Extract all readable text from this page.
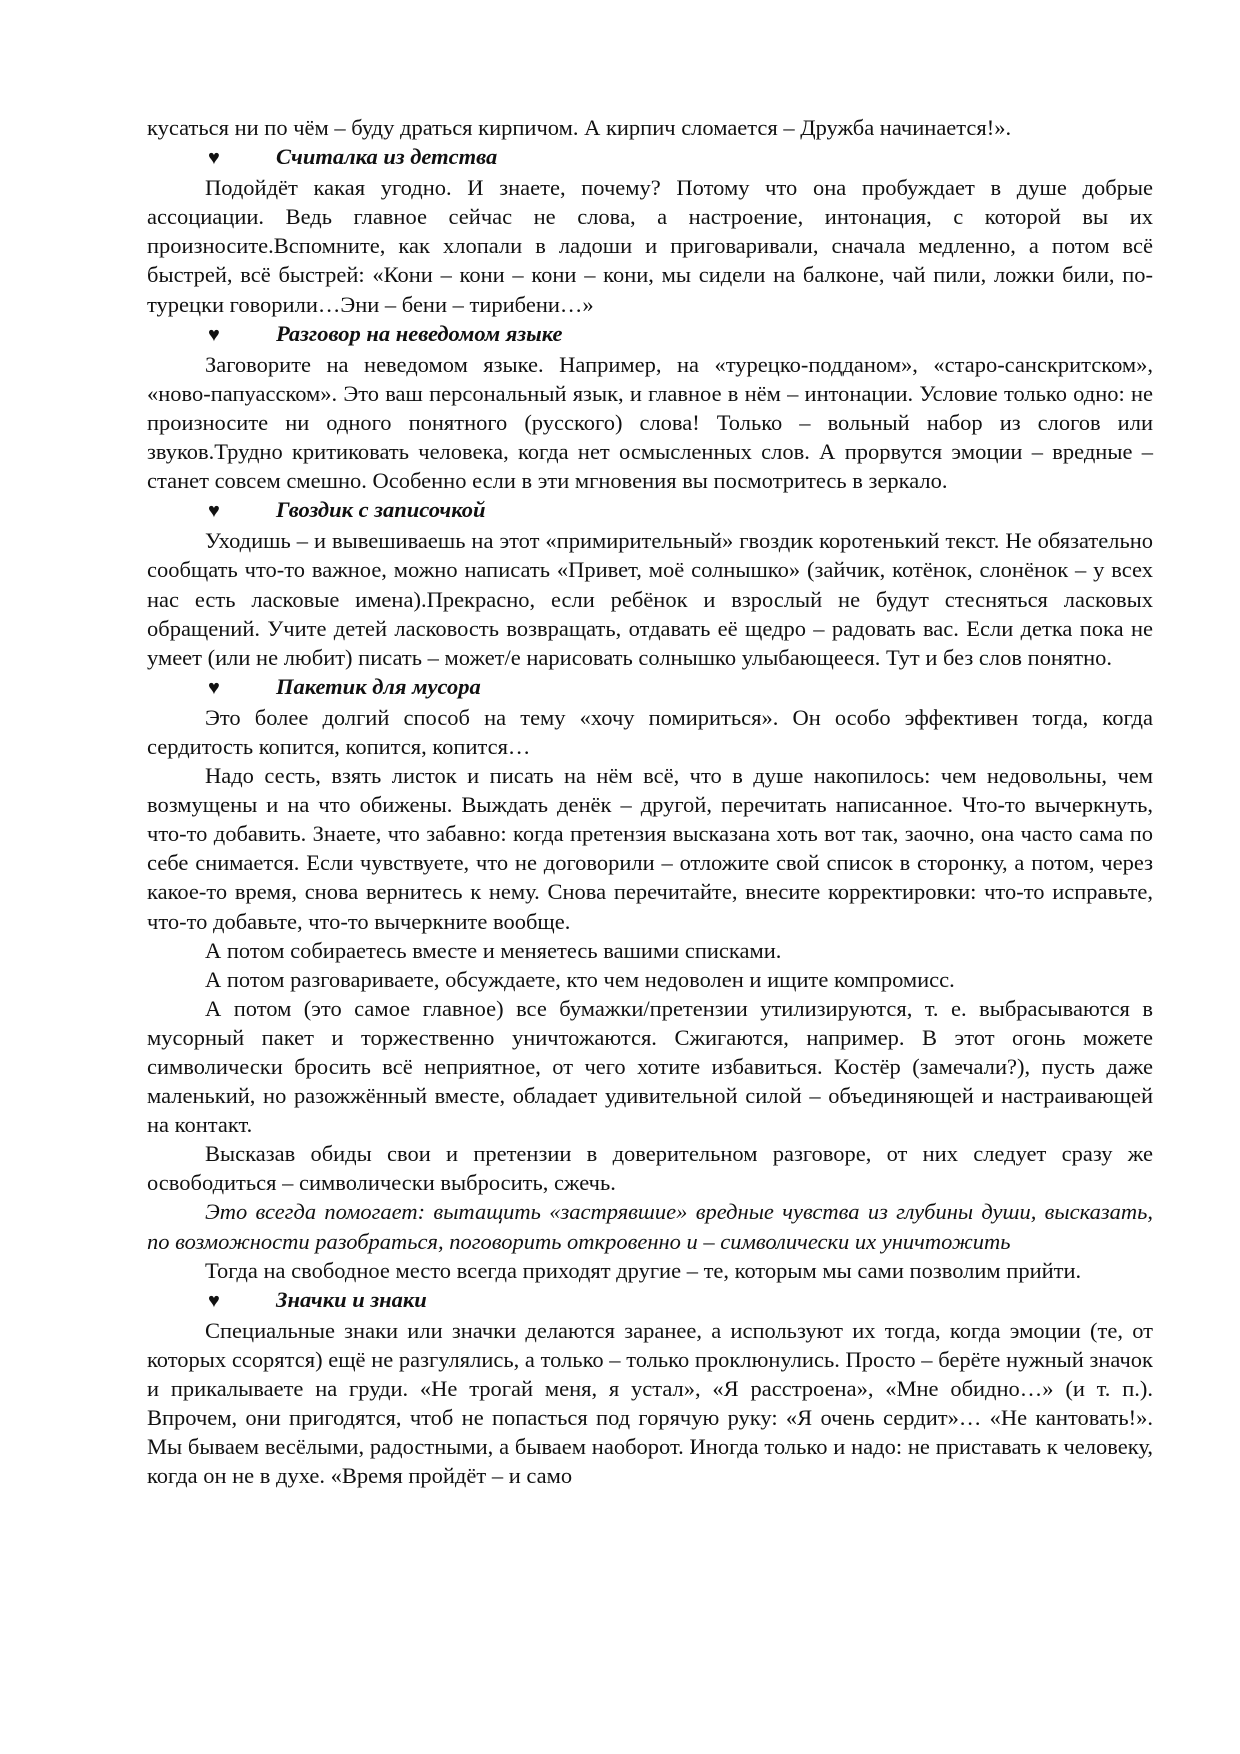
кусаться ни по чём – буду драться кирпичом. А кирпич сломается – Дружба начинается!».

♥	Считалка из детства

Подойдёт какая угодно. И знаете, почему? Потому что она пробуждает в душе добрые ассоциации. Ведь главное сейчас не слова, а настроение, интонация, с которой вы их произносите.Вспомните, как хлопали в ладоши и приговаривали, сначала медленно, а потом всё быстрей, всё быстрей: «Кони – кони – кони – кони, мы сидели на балконе, чай пили, ложки били, по-турецки говорили…Эни – бени – тирибени…»

♥	Разговор на неведомом языке

Заговорите на неведомом языке. Например, на «турецко-подданом», «старо-санскритском», «ново-папуасском». Это ваш персональный язык, и главное в нём – интонации. Условие только одно: не произносите ни одного понятного (русского) слова! Только – вольный набор из слогов или звуков.Трудно критиковать человека, когда нет осмысленных слов. А прорвутся эмоции – вредные – станет совсем смешно. Особенно если в эти мгновения вы посмотритесь в зеркало.

♥	Гвоздик с записочкой

Уходишь – и вывешиваешь на этот «примирительный» гвоздик коротенький текст. Не обязательно сообщать что-то важное, можно написать «Привет, моё солнышко» (зайчик, котёнок, слонёнок – у всех нас есть ласковые имена).Прекрасно, если ребёнок и взрослый не будут стесняться ласковых обращений. Учите детей ласковость возвращать, отдавать её щедро – радовать вас. Если детка пока не умеет (или не любит) писать – может/е нарисовать солнышко улыбающееся. Тут и без слов понятно.

♥	Пакетик для мусора

Это более долгий способ на тему «хочу помириться». Он особо эффективен тогда, когда сердитость копится, копится, копится…

Надо сесть, взять листок и писать на нём всё, что в душе накопилось: чем недовольны, чем возмущены и на что обижены. Выждать денёк – другой, перечитать написанное. Что-то вычеркнуть, что-то добавить. Знаете, что забавно: когда претензия высказана хоть вот так, заочно, она часто сама по себе снимается. Если чувствуете, что не договорили – отложите свой список в сторонку, а потом, через какое-то время, снова вернитесь к нему. Снова перечитайте, внесите корректировки: что-то исправьте, что-то добавьте, что-то вычеркните вообще.

А потом собираетесь вместе и меняетесь вашими списками.

А потом разговариваете, обсуждаете, кто чем недоволен и ищите компромисс.

А потом (это самое главное) все бумажки/претензии утилизируются, т. е. выбрасываются в мусорный пакет и торжественно уничтожаются. Сжигаются, например. В этот огонь можете символически бросить всё неприятное, от чего хотите избавиться. Костёр (замечали?), пусть даже маленький, но разожжённый вместе, обладает удивительной силой – объединяющей и настраивающей на контакт.

Высказав обиды свои и претензии в доверительном разговоре, от них следует сразу же освободиться – символически выбросить, сжечь.

Это всегда помогает: вытащить «застрявшие» вредные чувства из глубины души, высказать, по возможности разобраться, поговорить откровенно и – символически их уничтожить

Тогда на свободное место всегда приходят другие – те, которым мы сами позволим прийти.

♥	Значки и знаки

Специальные знаки или значки делаются заранее, а используют их тогда, когда эмоции (те, от которых ссорятся) ещё не разгулялись, а только – только проклюнулись. Просто – берёте нужный значок и прикалываете на груди. «Не трогай меня, я устал», «Я расстроена», «Мне обидно…» (и т. п.). Впрочем, они пригодятся, чтоб не попасться под горячую руку: «Я очень сердит»… «Не кантовать!». Мы бываем весёлыми, радостными, а бываем наоборот. Иногда только и надо: не приставать к человеку, когда он не в духе. «Время пройдёт – и само
